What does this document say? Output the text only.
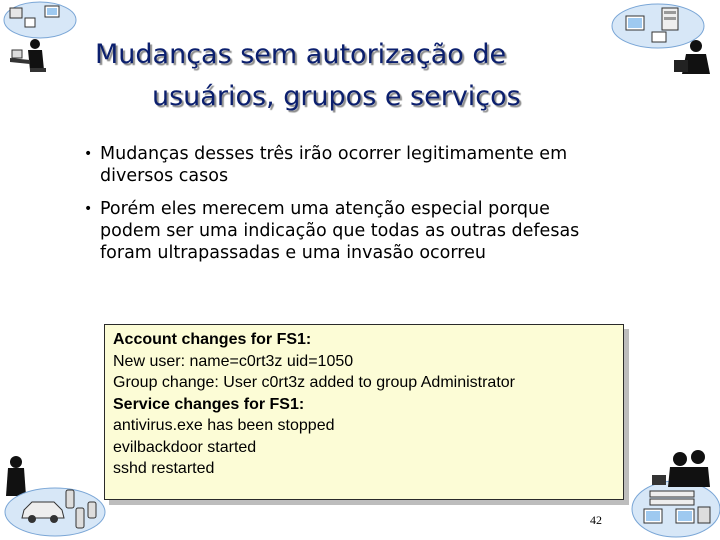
Mudanças sem autorização de
usuários, grupos e serviços
• Mudanças desses três irão ocorrer legitimamente em
diversos casos
• Porém eles merecem uma atenção especial porque
podem ser uma indicação que todas as outras defesas
foram ultrapassadas e uma invasão ocorreu
Account changes for FS1:
New user: name=c0rt3z uid=1050
Group change: User c0rt3z added to group Administrator
Service changes for FS1:
antivirus.exe has been stopped
evilbackdoor started
sshd restarted
42
